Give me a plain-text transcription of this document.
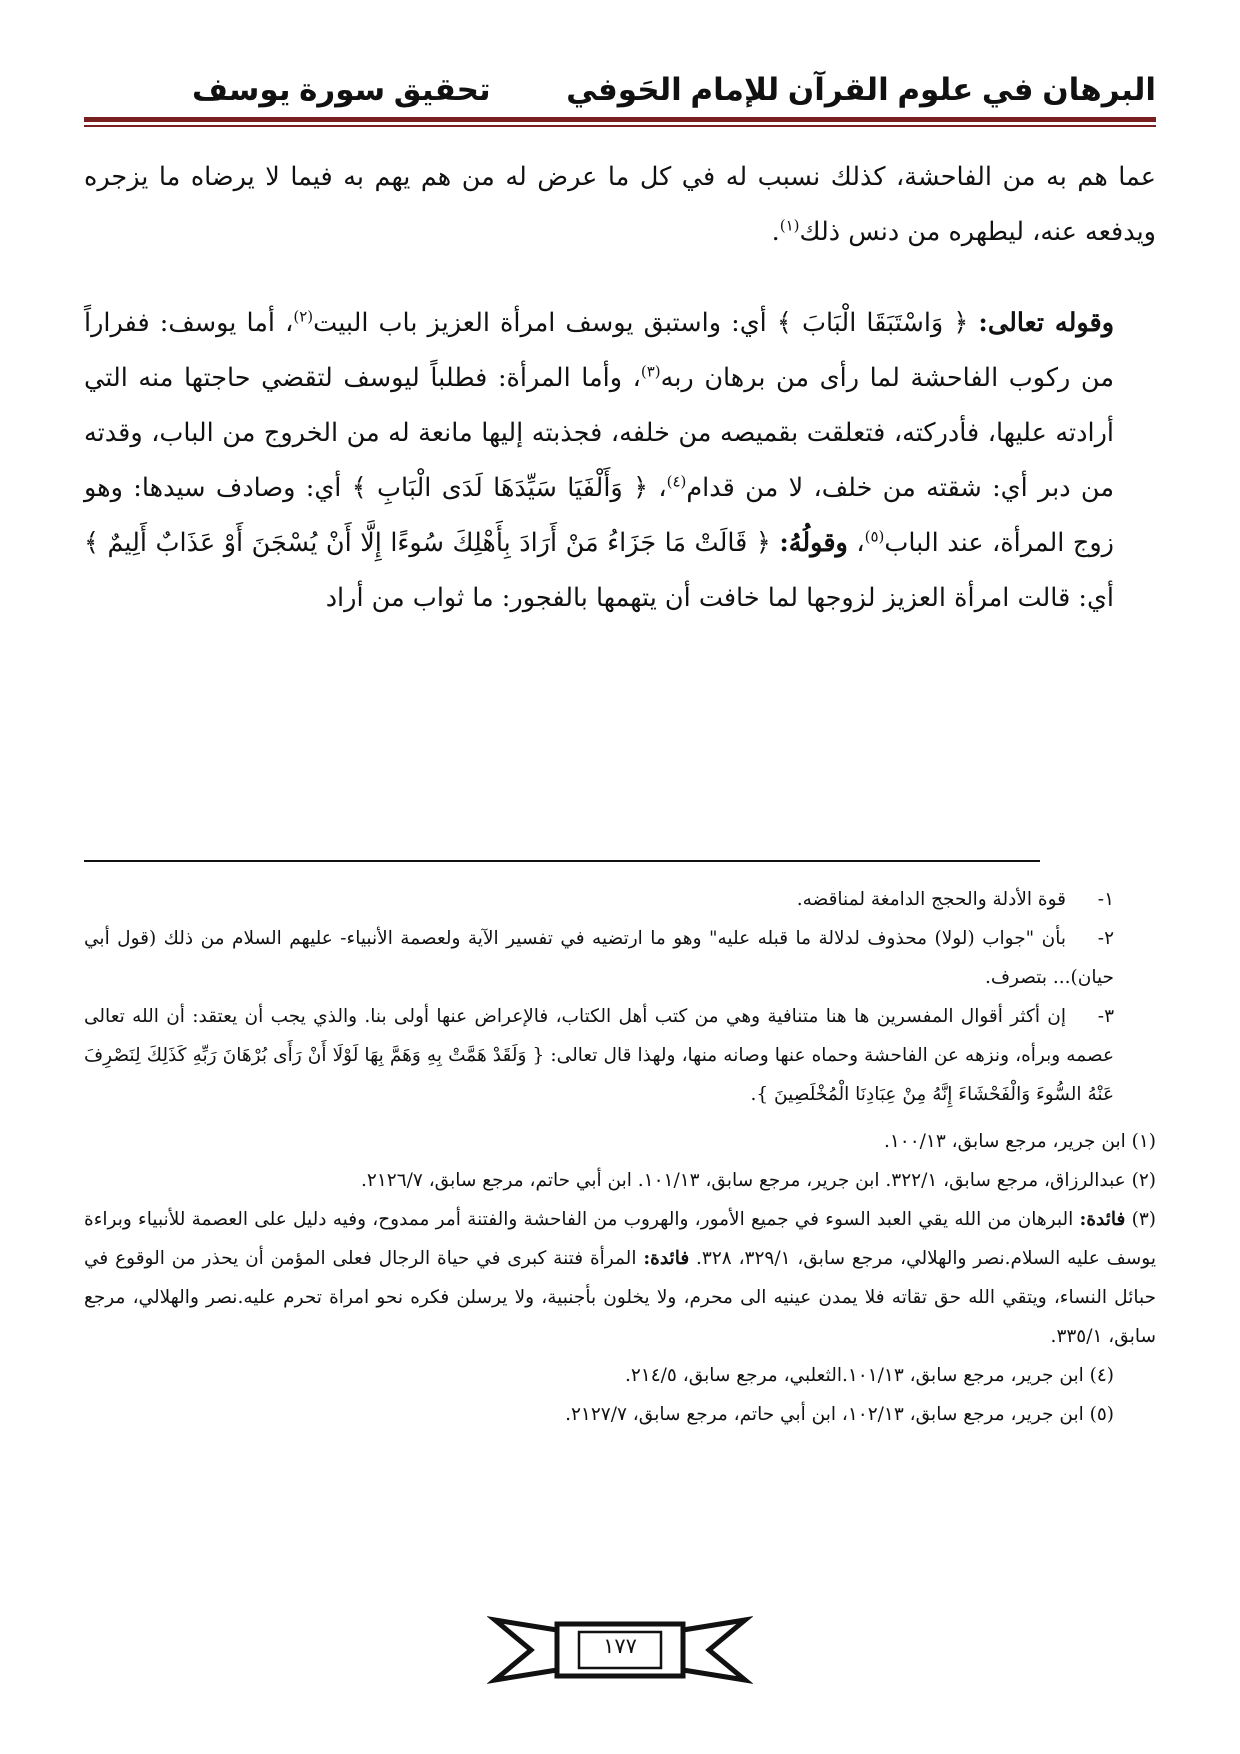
البرهان في علوم القرآن للإمام الحَوفي
تحقيق سورة يوسف

عما هم به من الفاحشة، كذلك نسبب له في كل ما عرض له من هم يهم به فيما لا يرضاه ما يزجره ويدفعه عنه، ليطهره من دنس ذلك$^{(١)}$.

وقوله تعالى: ﴿ وَاسْتَبَقَا الْبَابَ ﴾ أي: واستبق يوسف امرأة العزيز باب البيت$^{(٢)}$، أما يوسف: ففراراً من ركوب الفاحشة لما رأى من برهان ربه$^{(٣)}$، وأما المرأة: فطلباً ليوسف لتقضي حاجتها منه التي أرادته عليها، فأدركته، فتعلقت بقميصه من خلفه، فجذبته إليها مانعة له من الخروج من الباب، وقدته من دبر أي: شقته من خلف، لا من قدام$^{(٤)}$، ﴿ وَأَلْفَيَا سَيِّدَهَا لَدَى الْبَابِ ﴾ أي: وصادف سيدها: وهو زوج المرأة، عند الباب$^{(٥)}$، وقولُهُ: ﴿ قَالَتْ مَا جَزَاءُ مَنْ أَرَادَ بِأَهْلِكَ سُوءًا إِلَّا أَنْ يُسْجَنَ أَوْ عَذَابٌ أَلِيمٌ ﴾ أي: قالت امرأة العزيز لزوجها لما خافت أن يتهمها بالفجور: ما ثواب من أراد

١-قوة الأدلة والحجج الدامغة لمناقضه.

٢-بأن "جواب (لولا) محذوف لدلالة ما قبله عليه" وهو ما ارتضيه في تفسير الآية ولعصمة الأنبياء- عليهم السلام من ذلك (قول أبي حيان)... بتصرف.

٣-إن أكثر أقوال المفسرين ها هنا متنافية وهي من كتب أهل الكتاب، فالإعراض عنها أولى بنا. والذي يجب أن يعتقد: أن الله تعالى عصمه وبرأه، ونزهه عن الفاحشة وحماه عنها وصانه منها، ولهذا قال تعالى: { وَلَقَدْ هَمَّتْ بِهِ وَهَمَّ بِهَا لَوْلَا أَنْ رَأَى بُرْهَانَ رَبِّهِ كَذَلِكَ لِنَصْرِفَ عَنْهُ السُّوءَ وَالْفَحْشَاءَ إِنَّهُ مِنْ عِبَادِنَا الْمُخْلَصِينَ }.

(١) ابن جرير، مرجع سابق، ١٠٠/١٣.

(٢) عبدالرزاق، مرجع سابق، ٣٢٢/١. ابن جرير، مرجع سابق، ١٠١/١٣. ابن أبي حاتم، مرجع سابق، ٢١٢٦/٧.

(٣) فائدة: البرهان من الله يقي العبد السوء في جميع الأمور، والهروب من الفاحشة والفتنة أمر ممدوح، وفيه دليل على العصمة للأنبياء وبراءة يوسف عليه السلام.نصر والهلالي، مرجع سابق، ٣٢٩/١، ٣٢٨. فائدة: المرأة فتنة كبرى في حياة الرجال فعلى المؤمن أن يحذر من الوقوع في حبائل النساء، ويتقي الله حق تقاته فلا يمدن عينيه الى محرم، ولا يخلون بأجنبية، ولا يرسلن فكره نحو امراة تحرم عليه.نصر والهلالي، مرجع سابق، ٣٣٥/١.

(٤) ابن جرير، مرجع سابق، ١٠١/١٣.الثعلبي، مرجع سابق، ٢١٤/٥.

(٥) ابن جرير، مرجع سابق، ١٠٢/١٣، ابن أبي حاتم، مرجع سابق، ٢١٢٧/٧.

١٧٧
